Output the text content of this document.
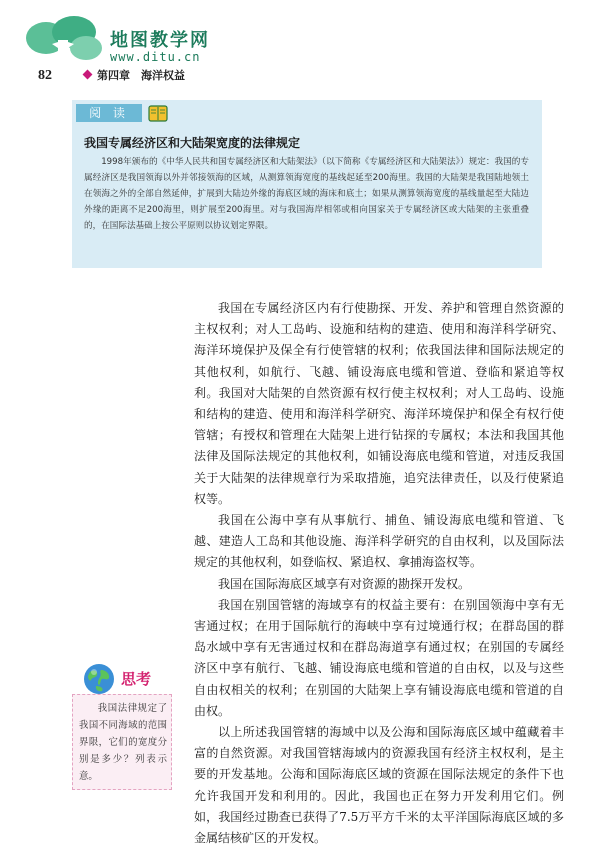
地图教学网
www.ditu.cn
82	第四章　海洋权益
阅 读
我国专属经济区和大陆架宽度的法律规定

1998年颁布的《中华人民共和国专属经济区和大陆架法》（以下简称《专属经济区和大陆架法》）规定：我国的专属经济区是我国领海以外并邻接领海的区域，从测算领海宽度的基线起延至200海里。我国的大陆架是我国陆地领土在领海之外的全部自然延伸，扩展到大陆边外缘的海底区域的海床和底土；如果从测算领海宽度的基线量起至大陆边外缘的距离不足200海里，则扩展至200海里。对与我国海岸相邻或相向国家关于专属经济区或大陆架的主张重叠的，在国际法基础上按公平原则以协议划定界限。

我国在专属经济区内有行使勘探、开发、养护和管理自然资源的主权权利；对人工岛屿、设施和结构的建造、使用和海洋科学研究、海洋环境保护及保全有行使管辖的权利；依我国法律和国际法规定的其他权利，如航行、飞越、铺设海底电缆和管道、登临和紧追等权利。我国对大陆架的自然资源有权行使主权权利；对人工岛屿、设施和结构的建造、使用和海洋科学研究、海洋环境保护和保全有权行使管辖；有授权和管理在大陆架上进行钻探的专属权；本法和我国其他法律及国际法规定的其他权利，如铺设海底电缆和管道，对违反我国关于大陆架的法律规章行为采取措施，追究法律责任，以及行使紧追权等。

我国在公海中享有从事航行、捕鱼、铺设海底电缆和管道、飞越、建造人工岛和其他设施、海洋科学研究的自由权利，以及国际法规定的其他权利，如登临权、紧追权、拿捕海盗权等。

我国在国际海底区域享有对资源的勘探开发权。

我国在别国管辖的海域享有的权益主要有：在别国领海中享有无害通过权；在用于国际航行的海峡中享有过境通行权；在群岛国的群岛水域中享有无害通过权和在群岛海道享有通过权；在别国的专属经济区中享有航行、飞越、铺设海底电缆和管道的自由权，以及与这些自由权相关的权利；在别国的大陆架上享有铺设海底电缆和管道的自由权。

以上所述我国管辖的海域中以及公海和国际海底区域中蕴藏着丰富的自然资源。对我国管辖海域内的资源我国有经济主权权利，是主要的开发基地。公海和国际海底区域的资源在国际法规定的条件下也允许我国开发和利用的。因此，我国也正在努力开发利用它们。例如，我国经过勘查已获得了7.5万平方千米的太平洋国际海底区域的多金属结核矿区的开发权。

思考

我国法律规定了我国不同海域的范围界限，它们的宽度分别是多少？列表示意。
